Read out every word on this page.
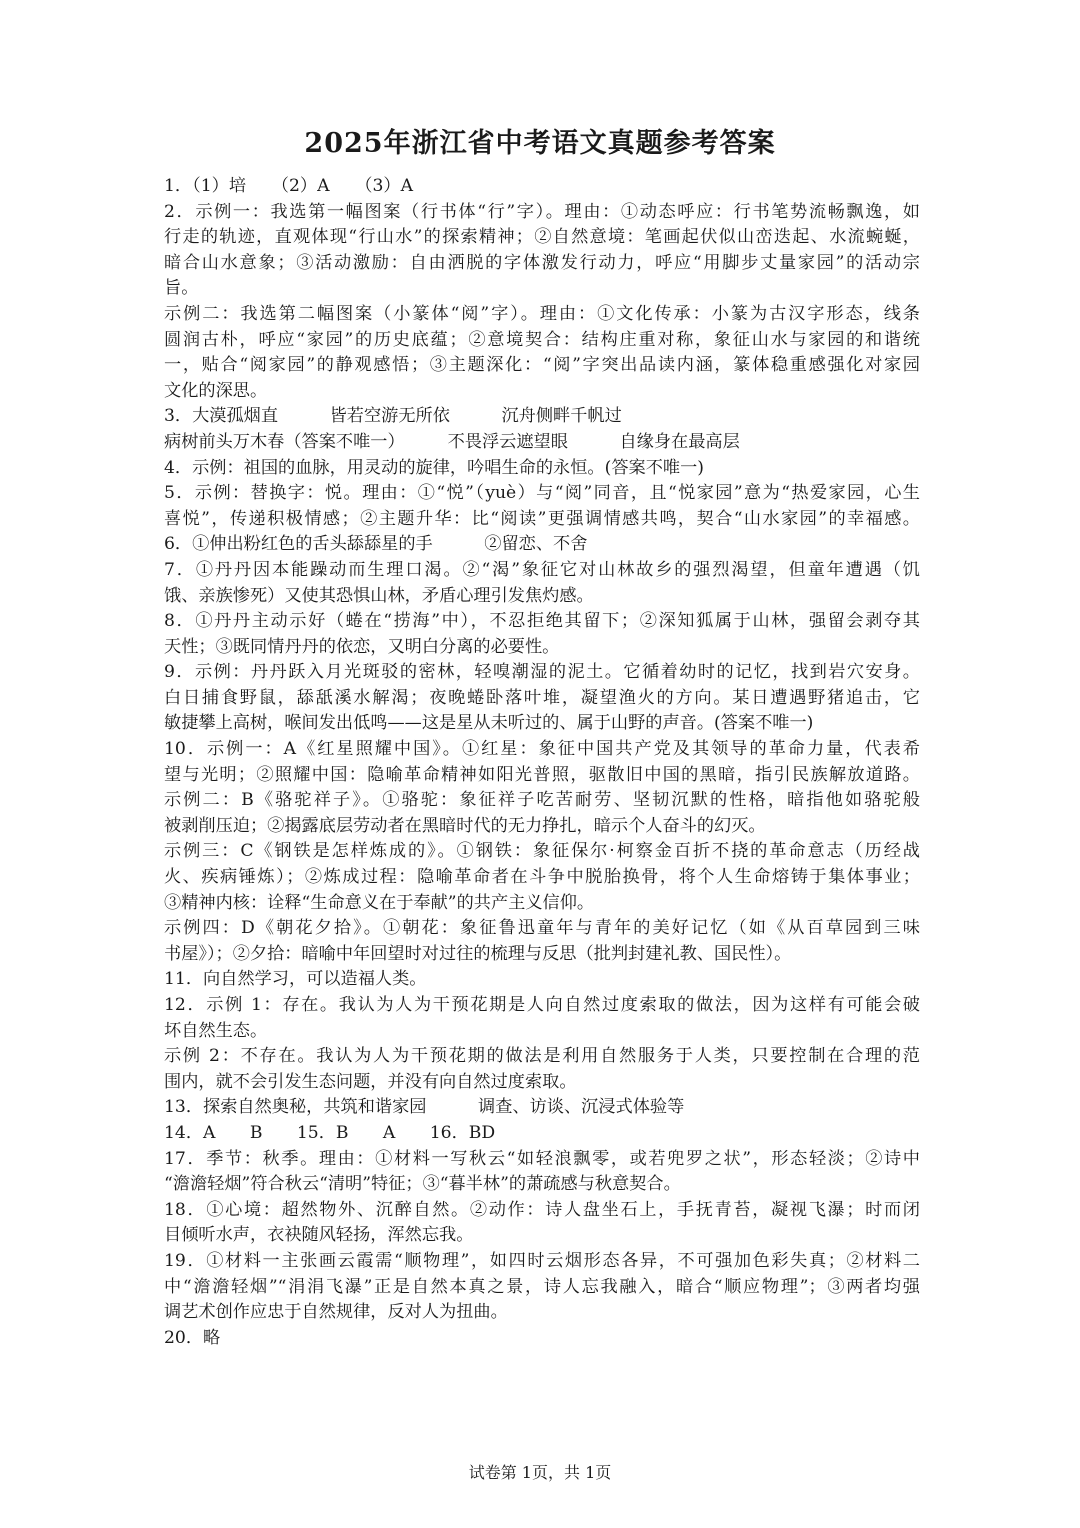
2025年浙江省中考语文真题参考答案
1．（1）培　　（2）A　　（3）A
2．示例一：我选第一幅图案（行书体“行”字）。理由：①动态呼应：行书笔势流畅飘逸，如
行走的轨迹，直观体现“行山水”的探索精神；②自然意境：笔画起伏似山峦迭起、水流蜿蜒，
暗合山水意象；③活动激励：自由洒脱的字体激发行动力，呼应“用脚步丈量家园”的活动宗
旨。
示例二：我选第二幅图案（小篆体“阅”字）。理由：①文化传承：小篆为古汉字形态，线条
圆润古朴，呼应“家园”的历史底蕴；②意境契合：结构庄重对称，象征山水与家园的和谐统
一，贴合“阅家园”的静观感悟；③主题深化：“阅”字突出品读内涵，篆体稳重感强化对家园
文化的深思。
3．大漠孤烟直　　　皆若空游无所依　　　沉舟侧畔千帆过
病树前头万木春（答案不唯一）　　　不畏浮云遮望眼　　　自缘身在最高层
4．示例：祖国的血脉，用灵动的旋律，吟唱生命的永恒。(答案不唯一)
5．示例：替换字：悦。理由：①“悦”（yuè）与“阅”同音，且“悦家园”意为“热爱家园，心生
喜悦”，传递积极情感；②主题升华：比“阅读”更强调情感共鸣，契合“山水家园”的幸福感。
6．①伸出粉红色的舌头舔舔星的手　　　②留恋、不舍
7．①丹丹因本能躁动而生理口渴。②“渴”象征它对山林故乡的强烈渴望，但童年遭遇（饥
饿、亲族惨死）又使其恐惧山林，矛盾心理引发焦灼感。
8．①丹丹主动示好（蜷在“捞海”中），不忍拒绝其留下；②深知狐属于山林，强留会剥夺其
天性；③既同情丹丹的依恋，又明白分离的必要性。
9．示例：丹丹跃入月光斑驳的密林，轻嗅潮湿的泥土。它循着幼时的记忆，找到岩穴安身。
白日捕食野鼠，舔舐溪水解渴；夜晚蜷卧落叶堆，凝望渔火的方向。某日遭遇野猪追击，它
敏捷攀上高树，喉间发出低鸣——这是星从未听过的、属于山野的声音。(答案不唯一)
10．示例一：A《红星照耀中国》。①红星：象征中国共产党及其领导的革命力量，代表希
望与光明；②照耀中国：隐喻革命精神如阳光普照，驱散旧中国的黑暗，指引民族解放道路。
示例二：B《骆驼祥子》。①骆驼：象征祥子吃苦耐劳、坚韧沉默的性格，暗指他如骆驼般
被剥削压迫；②揭露底层劳动者在黑暗时代的无力挣扎，暗示个人奋斗的幻灭。
示例三：C《钢铁是怎样炼成的》。①钢铁：象征保尔·柯察金百折不挠的革命意志（历经战
火、疾病锤炼）；②炼成过程：隐喻革命者在斗争中脱胎换骨，将个人生命熔铸于集体事业；
③精神内核：诠释“生命意义在于奉献”的共产主义信仰。
示例四：D《朝花夕拾》。①朝花：象征鲁迅童年与青年的美好记忆（如《从百草园到三味
书屋》）；②夕拾：暗喻中年回望时对过往的梳理与反思（批判封建礼教、国民性）。
11．向自然学习，可以造福人类。
12．示例 1：存在。我认为人为干预花期是人向自然过度索取的做法，因为这样有可能会破
坏自然生态。
示例 2：不存在。我认为人为干预花期的做法是利用自然服务于人类，只要控制在合理的范
围内，就不会引发生态问题，并没有向自然过度索取。
13．探索自然奥秘，共筑和谐家园　　　调查、访谈、沉浸式体验等
14．A　　B　　15．B　　A　　16．BD
17．季节：秋季。理由：①材料一写秋云“如轻浪飘零，或若兜罗之状”，形态轻淡；②诗中
“澹澹轻烟”符合秋云“清明”特征；③“暮半林”的萧疏感与秋意契合。
18．①心境：超然物外、沉醉自然。②动作：诗人盘坐石上，手抚青苔，凝视飞瀑；时而闭
目倾听水声，衣袂随风轻扬，浑然忘我。
19．①材料一主张画云霞需“顺物理”，如四时云烟形态各异，不可强加色彩失真；②材料二
中“澹澹轻烟”“涓涓飞瀑”正是自然本真之景，诗人忘我融入，暗合“顺应物理”；③两者均强
调艺术创作应忠于自然规律，反对人为扭曲。
20．略
试卷第 1页，共 1页
